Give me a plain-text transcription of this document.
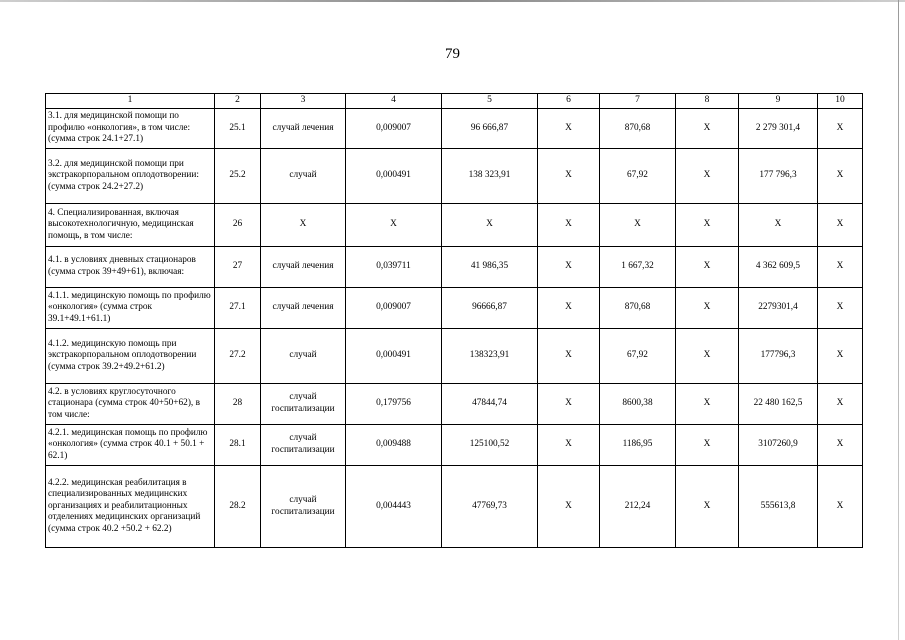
79
1	2	3	4	5	6	7	8	9	10
3.1. для медицинской помощи по профилю «онкология», в том числе: (сумма строк 24.1+27.1)	25.1	случай лечения	0,009007	96 666,87	Х	870,68	Х	2 279 301,4	Х
3.2. для медицинской помощи при экстракорпоральном оплодотворении: (сумма строк 24.2+27.2)	25.2	случай	0,000491	138 323,91	Х	67,92	Х	177 796,3	Х
4. Специализированная, включая высокотехнологичную, медицинская помощь, в том числе:	26	Х	Х	Х	Х	Х	Х	Х	Х
4.1. в условиях дневных стационаров (сумма строк 39+49+61), включая:	27	случай лечения	0,039711	41 986,35	Х	1 667,32	Х	4 362 609,5	Х
4.1.1. медицинскую помощь по профилю «онкология» (сумма строк 39.1+49.1+61.1)	27.1	случай лечения	0,009007	96666,87	Х	870,68	Х	2279301,4	Х
4.1.2. медицинскую помощь при экстракорпоральном оплодотворении (сумма строк 39.2+49.2+61.2)	27.2	случай	0,000491	138323,91	Х	67,92	Х	177796,3	Х
4.2. в условиях круглосуточного стационара (сумма строк 40+50+62), в том числе:	28	случай госпитализации	0,179756	47844,74	Х	8600,38	Х	22 480 162,5	Х
4.2.1. медицинская помощь по профилю «онкология» (сумма строк 40.1 + 50.1 + 62.1)	28.1	случай госпитализации	0,009488	125100,52	Х	1186,95	Х	3107260,9	Х
4.2.2. медицинская реабилитация в специализированных медицинских организациях и реабилитационных отделениях медицинских организаций (сумма строк 40.2 +50.2 + 62.2)	28.2	случай госпитализации	0,004443	47769,73	Х	212,24	Х	555613,8	Х
